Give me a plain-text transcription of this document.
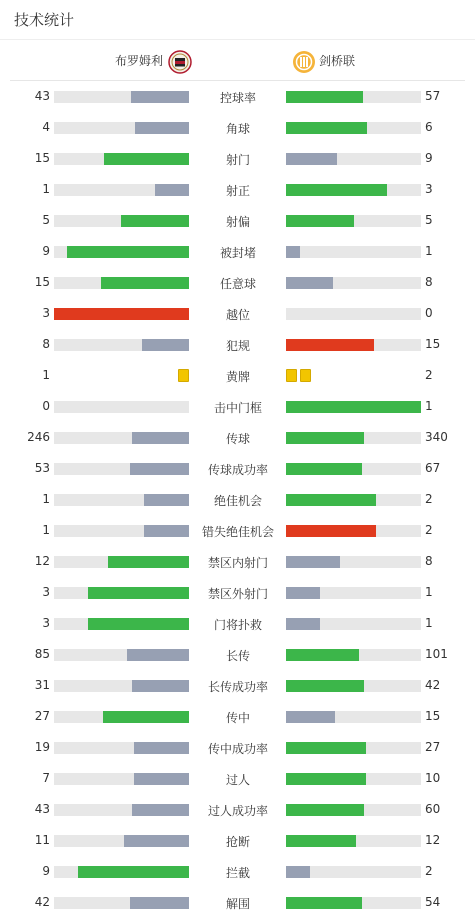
技术统计
布罗姆利	剑桥联
43	控球率	57
4	角球	6
15	射门	9
1	射正	3
5	射偏	5
9	被封堵	1
15	任意球	8
3	越位	0
8	犯规	15
1	黄牌	2
0	击中门框	1
246	传球	340
53	传球成功率	67
1	绝佳机会	2
1	错失绝佳机会	2
12	禁区内射门	8
3	禁区外射门	1
3	门将扑救	1
85	长传	101
31	长传成功率	42
27	传中	15
19	传中成功率	27
7	过人	10
43	过人成功率	60
11	抢断	12
9	拦截	2
42	解围	54
